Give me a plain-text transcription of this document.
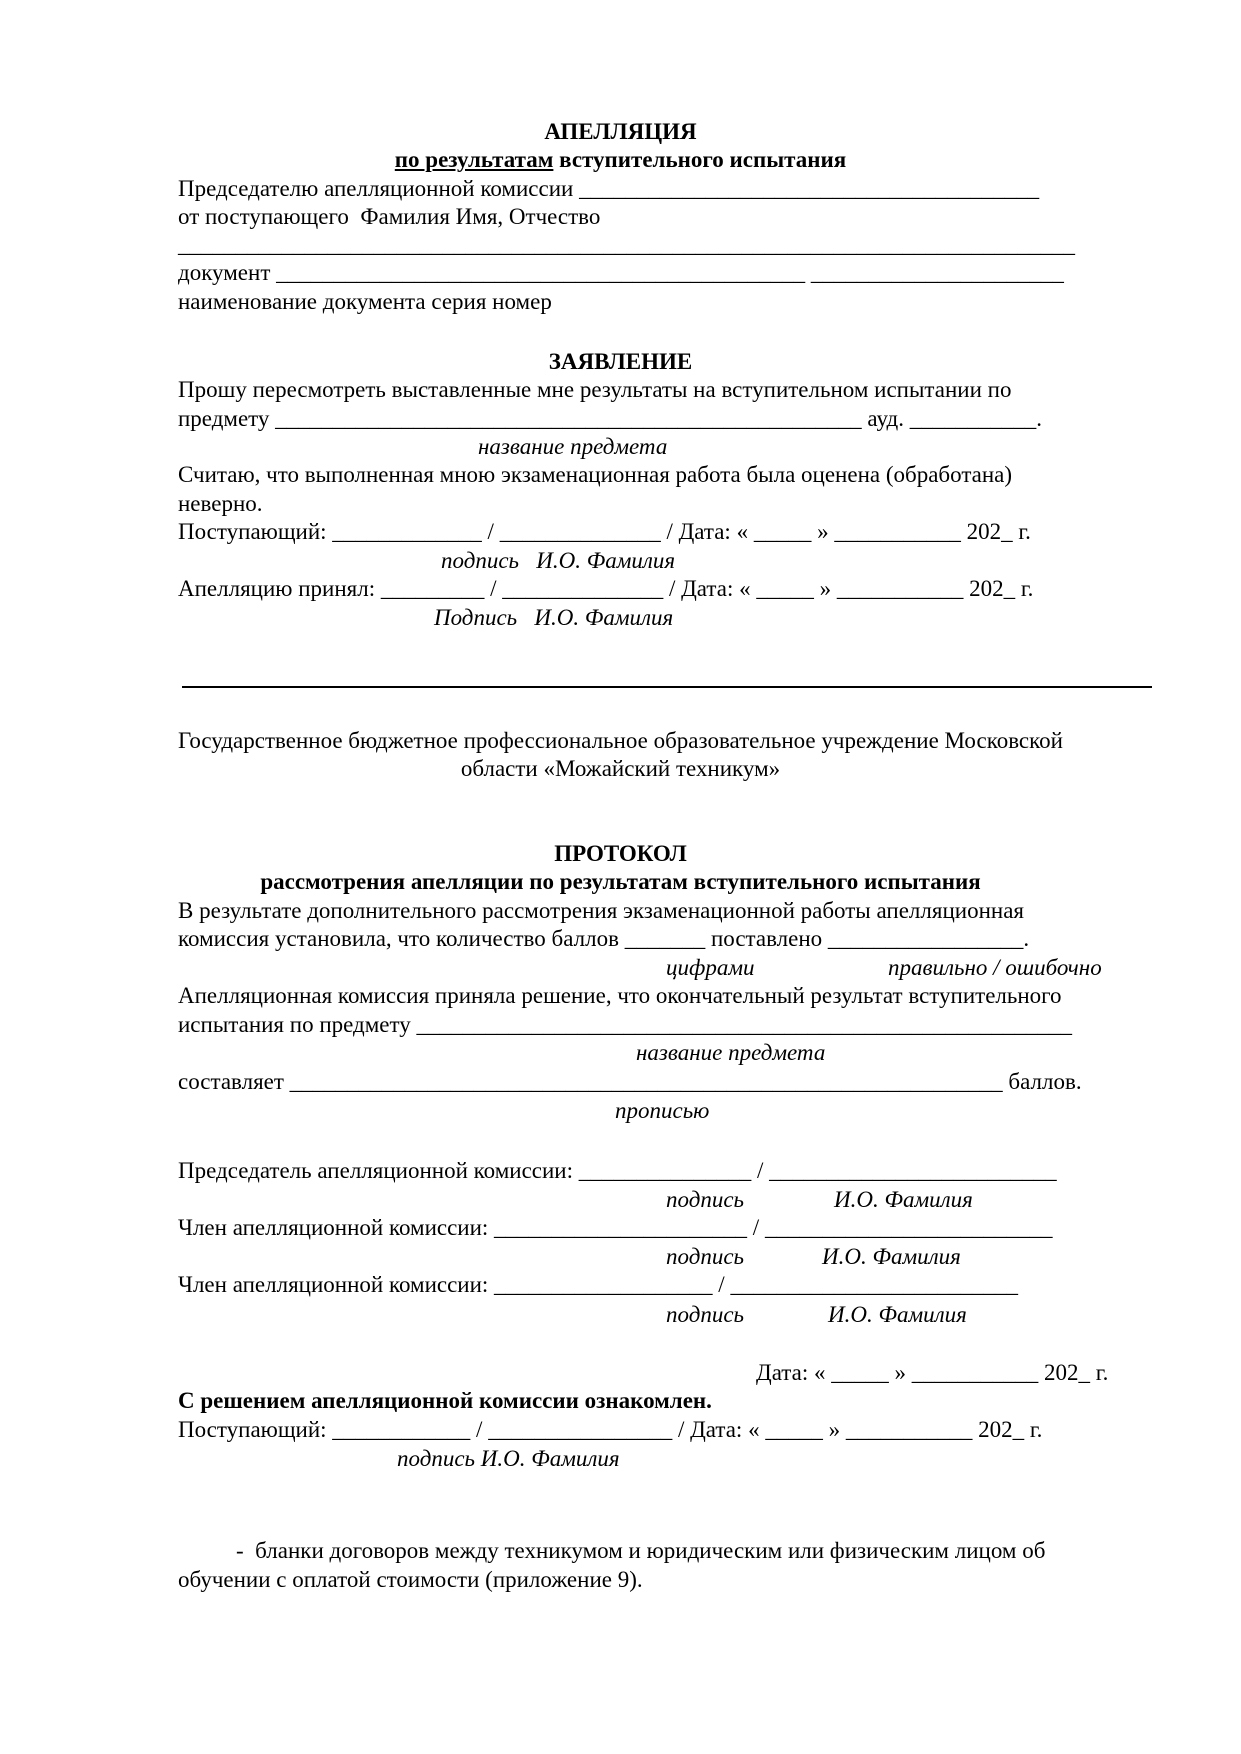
АПЕЛЛЯЦИЯ
по результатам вступительного испытания
Председателю апелляционной комиссии ________________________________________
от поступающего  Фамилия Имя, Отчество
______________________________________________________________________________
документ ______________________________________________ ______________________
наименование документа серия номер
ЗАЯВЛЕНИЕ
Прошу пересмотреть выставленные мне результаты на вступительном испытании по
предмету ___________________________________________________ ауд. ___________.
название предмета
Считаю, что выполненная мною экзаменационная работа была оценена (обработана)
неверно.
Поступающий: _____________ / ______________ / Дата: « _____ » ___________ 202_ г.
подпись   И.О. Фамилия
Апелляцию принял: _________ / ______________ / Дата: « _____ » ___________ 202_ г.
Подпись   И.О. Фамилия
Государственное бюджетное профессиональное образовательное учреждение Московской
области «Можайский техникум»
ПРОТОКОЛ
рассмотрения апелляции по результатам вступительного испытания
В результате дополнительного рассмотрения экзаменационной работы апелляционная
комиссия установила, что количество баллов _______ поставлено _________________.
цифрами	правильно / ошибочно
Апелляционная комиссия приняла решение, что окончательный результат вступительного
испытания по предмету _________________________________________________________
название предмета
составляет ______________________________________________________________ баллов.
прописью
Председатель апелляционной комиссии: _______________ / _________________________
подпись	И.О. Фамилия
Член апелляционной комиссии: ______________________ / _________________________
подпись	И.О. Фамилия
Член апелляционной комиссии: ___________________ / _________________________
подпись	И.О. Фамилия
Дата: « _____ » ___________ 202_ г.
С решением апелляционной комиссии ознакомлен.
Поступающий: ____________ / ________________ / Дата: « _____ » ___________ 202_ г.
подпись И.О. Фамилия
-  бланки договоров между техникумом и юридическим или физическим лицом об
обучении с оплатой стоимости (приложение 9).
